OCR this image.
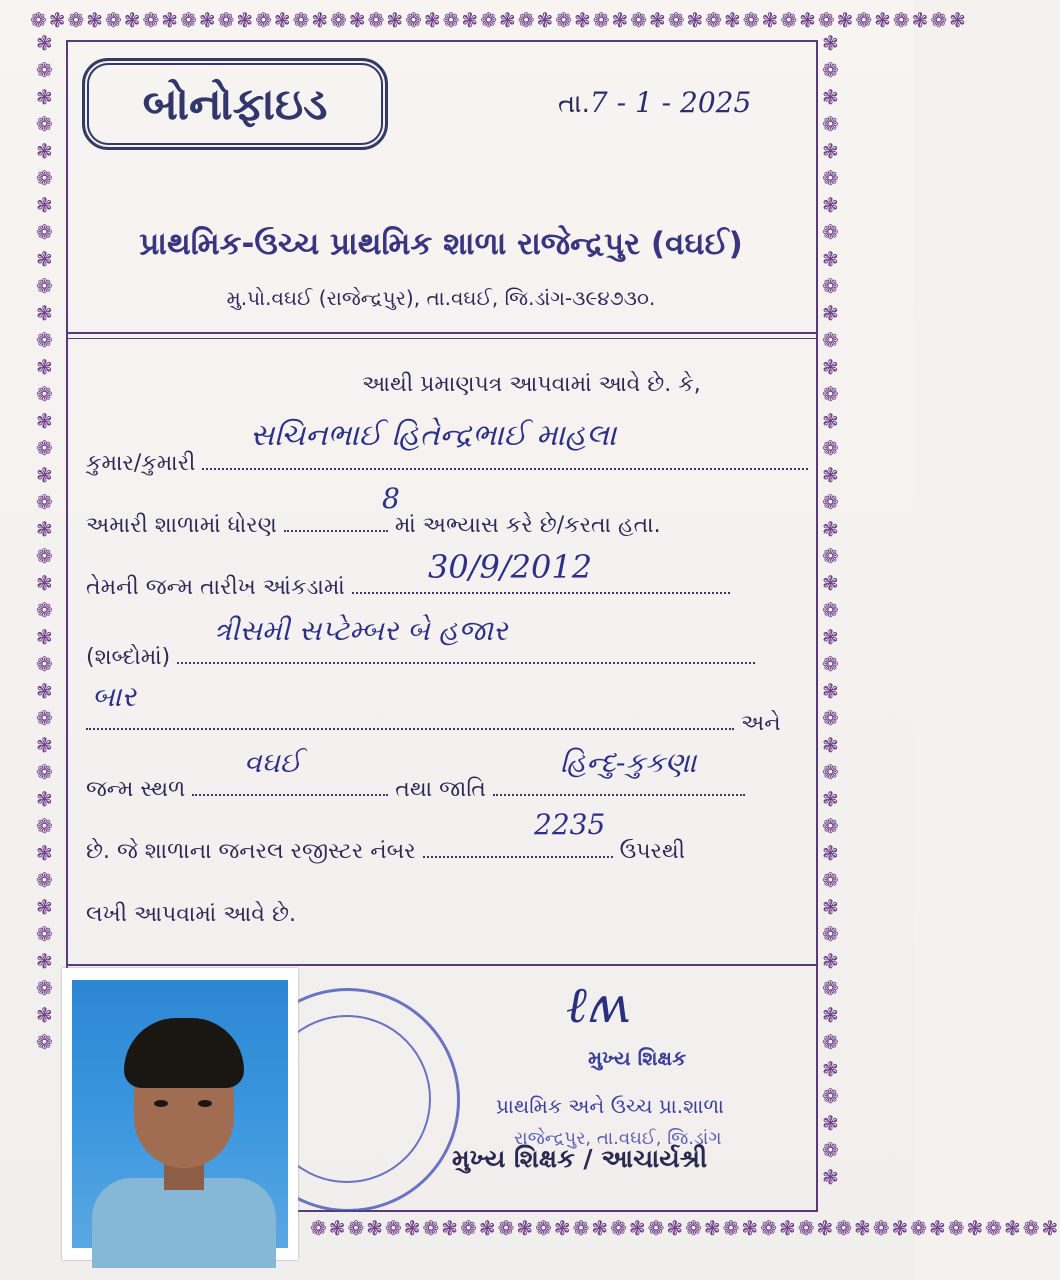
❁❃❁❃❁❃❁❃❁❃❁❃❁❃❁❃❁❃❁❃❁❃❁❃❁❃❁❃❁❃❁❃❁❃❁❃❁❃❁❃❁❃❁❃❁❃❁❃❁❃
❃❁❃❁❃❁❃❁❃❁❃❁❃❁❃❁❃❁❃❁❃❁❃❁❃❁❃❁❃❁❃❁❃❁❃❁❃❁
❃❁❃❁❃❁❃❁❃❁❃❁❃❁❃❁❃❁❃❁❃❁❃❁❃❁❃❁❃❁❃❁❃❁❃❁❃❁❃❁❃❁❃
❁❃❁❃❁❃❁❃❁❃❁❃❁❃❁❃❁❃❁❃❁❃❁❃❁❃❁❃❁❃❁❃❁❃❁❃❁❃❁❃
બોનોફાઇડ	તા.7 - 1 - 2025
પ્રાથમિક-ઉચ્ચ પ્રાથમિક શાળા રાજેન્દ્રપુર (વઘઈ)
મુ.પો.વઘઈ (રાજેન્દ્રપુર), તા.વઘઈ, જિ.ડાંગ-૩૯૪૭૩૦.
આથી પ્રમાણપત્ર આપવામાં આવે છે. કે,
કુમાર/કુમારી
સચિનભાઈ હિતેન્દ્રભાઈ માહલા
અમારી શાળામાં ધોરણ	માં અભ્યાસ કરે છે/કરતા હતા.
8
તેમની જન્મ તારીખ આંકડામાં
30/9/2012
(શબ્દોમાં)
ત્રીસમી સપ્ટેમ્બર બે હજાર
અને
બાર
જન્મ સ્થળ	તથા જાતિ
વઘઈ	હિન્દુ-કુકણા
છે. જે શાળાના જનરલ રજીસ્ટર નંબર	ઉપરથી
2235
લખી આપવામાં આવે છે.
ℓʍ
મુખ્ય શિક્ષક
પ્રાથમિક અને ઉચ્ચ પ્રા.શાળા
રાજેન્દ્રપુર, તા.વઘઈ, જિ.ડાંગ
મુખ્ય શિક્ષક / આચાર્યશ્રી
